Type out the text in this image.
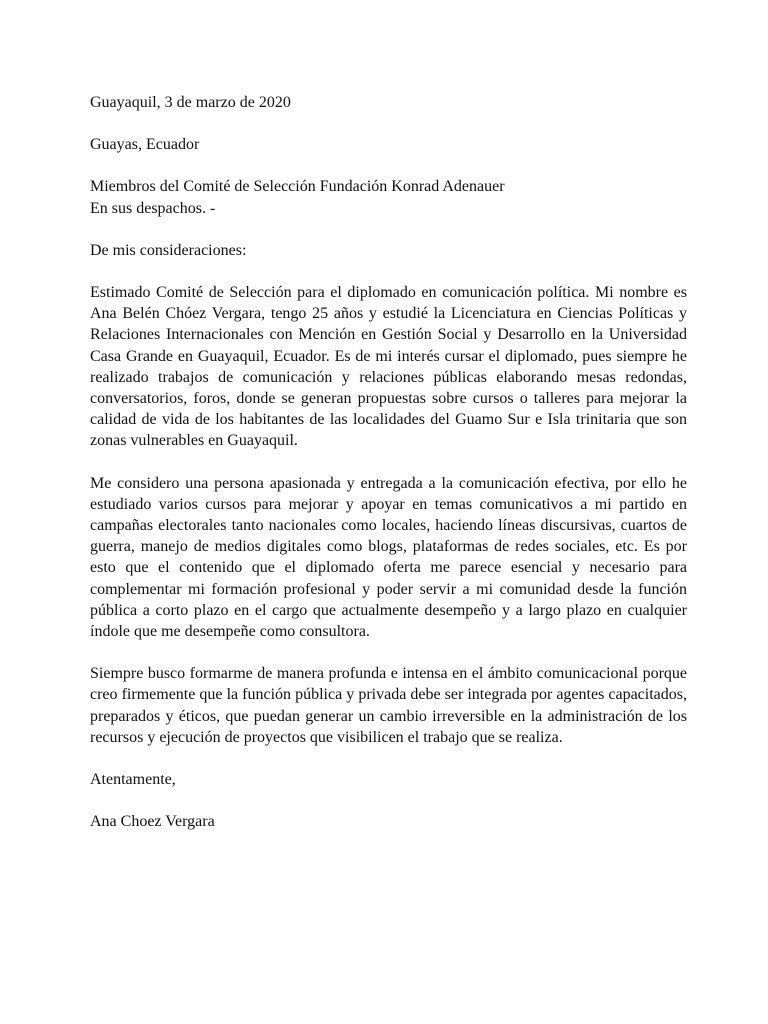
Guayaquil, 3 de marzo de 2020

Guayas, Ecuador

Miembros del Comité de Selección Fundación Konrad Adenauer

En sus despachos. -

De mis consideraciones:

Estimado Comité de Selección para el diplomado en comunicación política. Mi nombre es Ana Belén Chóez Vergara, tengo 25 años y estudié la Licenciatura en Ciencias Políticas y Relaciones Internacionales con Mención en Gestión Social y Desarrollo en la Universidad Casa Grande en Guayaquil, Ecuador. Es de mi interés cursar el diplomado, pues siempre he realizado trabajos de comunicación y relaciones públicas elaborando mesas redondas, conversatorios, foros, donde se generan propuestas sobre cursos o talleres para mejorar la calidad de vida de los habitantes de las localidades del Guamo Sur e Isla trinitaria que son zonas vulnerables en Guayaquil.

Me considero una persona apasionada y entregada a la comunicación efectiva, por ello he estudiado varios cursos para mejorar y apoyar en temas comunicativos a mi partido en campañas electorales tanto nacionales como locales, haciendo líneas discursivas, cuartos de guerra, manejo de medios digitales como blogs, plataformas de redes sociales, etc. Es por esto que el contenido que el diplomado oferta me parece esencial y necesario para complementar mi formación profesional y poder servir a mi comunidad desde la función pública a corto plazo en el cargo que actualmente desempeño y a largo plazo en cualquier índole que me desempeñe como consultora.

Siempre busco formarme de manera profunda e intensa en el ámbito comunicacional porque creo firmemente que la función pública y privada debe ser integrada por agentes capacitados, preparados y éticos, que puedan generar un cambio irreversible en la administración de los recursos y ejecución de proyectos que visibilicen el trabajo que se realiza.

Atentamente,

Ana Choez Vergara
